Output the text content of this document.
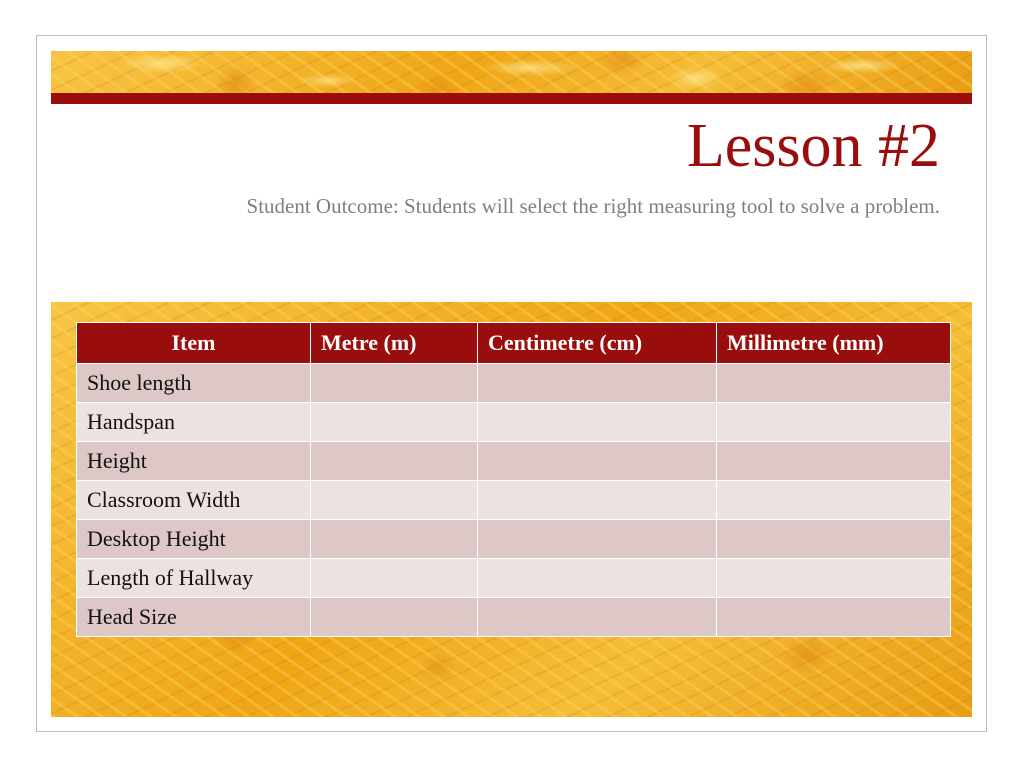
Lesson #2

Student Outcome: Students will select the right measuring tool to solve a problem.

Item	Metre (m)	Centimetre (cm)	Millimetre (mm)
Shoe length			
Handspan			
Height			
Classroom Width			
Desktop Height			
Length of Hallway			
Head Size			
